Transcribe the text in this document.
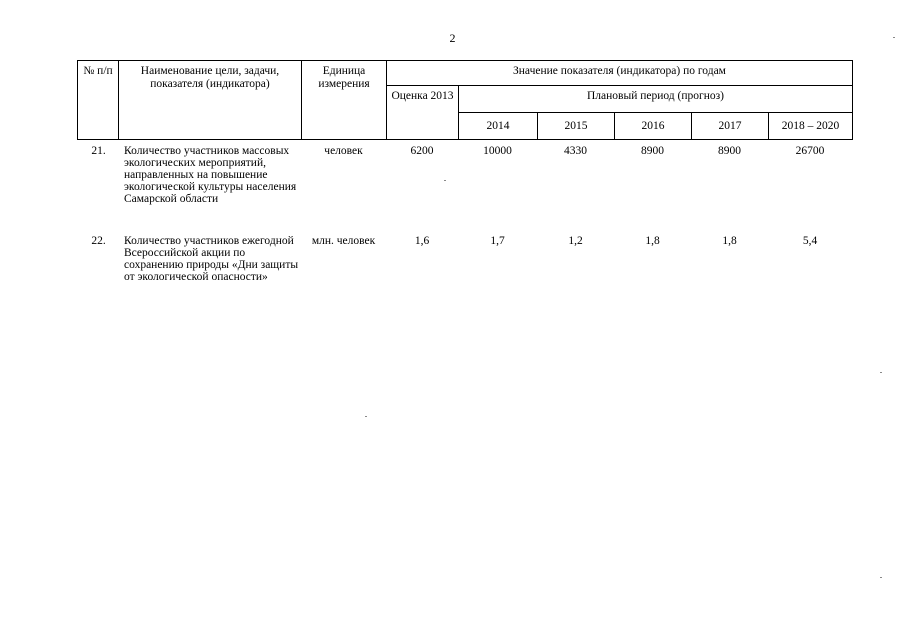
2
№ п/п	Наименование цели, задачи, показателя (индикатора)	Единица измерения	Значение показателя (индикатора) по годам					
			Оценка 2013	Плановый период (прогноз)				
				2014	2015	2016	2017	2018 – 2020
21.	Количество участников массовых экологических мероприятий, направленных на повышение экологической культуры населения Самарской области	человек	6200	10000	4330	8900	8900	26700
22.	Количество участников ежегодной Всероссийской акции по сохранению природы «Дни защиты от экологической опасности»	млн. человек	1,6	1,7	1,2	1,8	1,8	5,4
